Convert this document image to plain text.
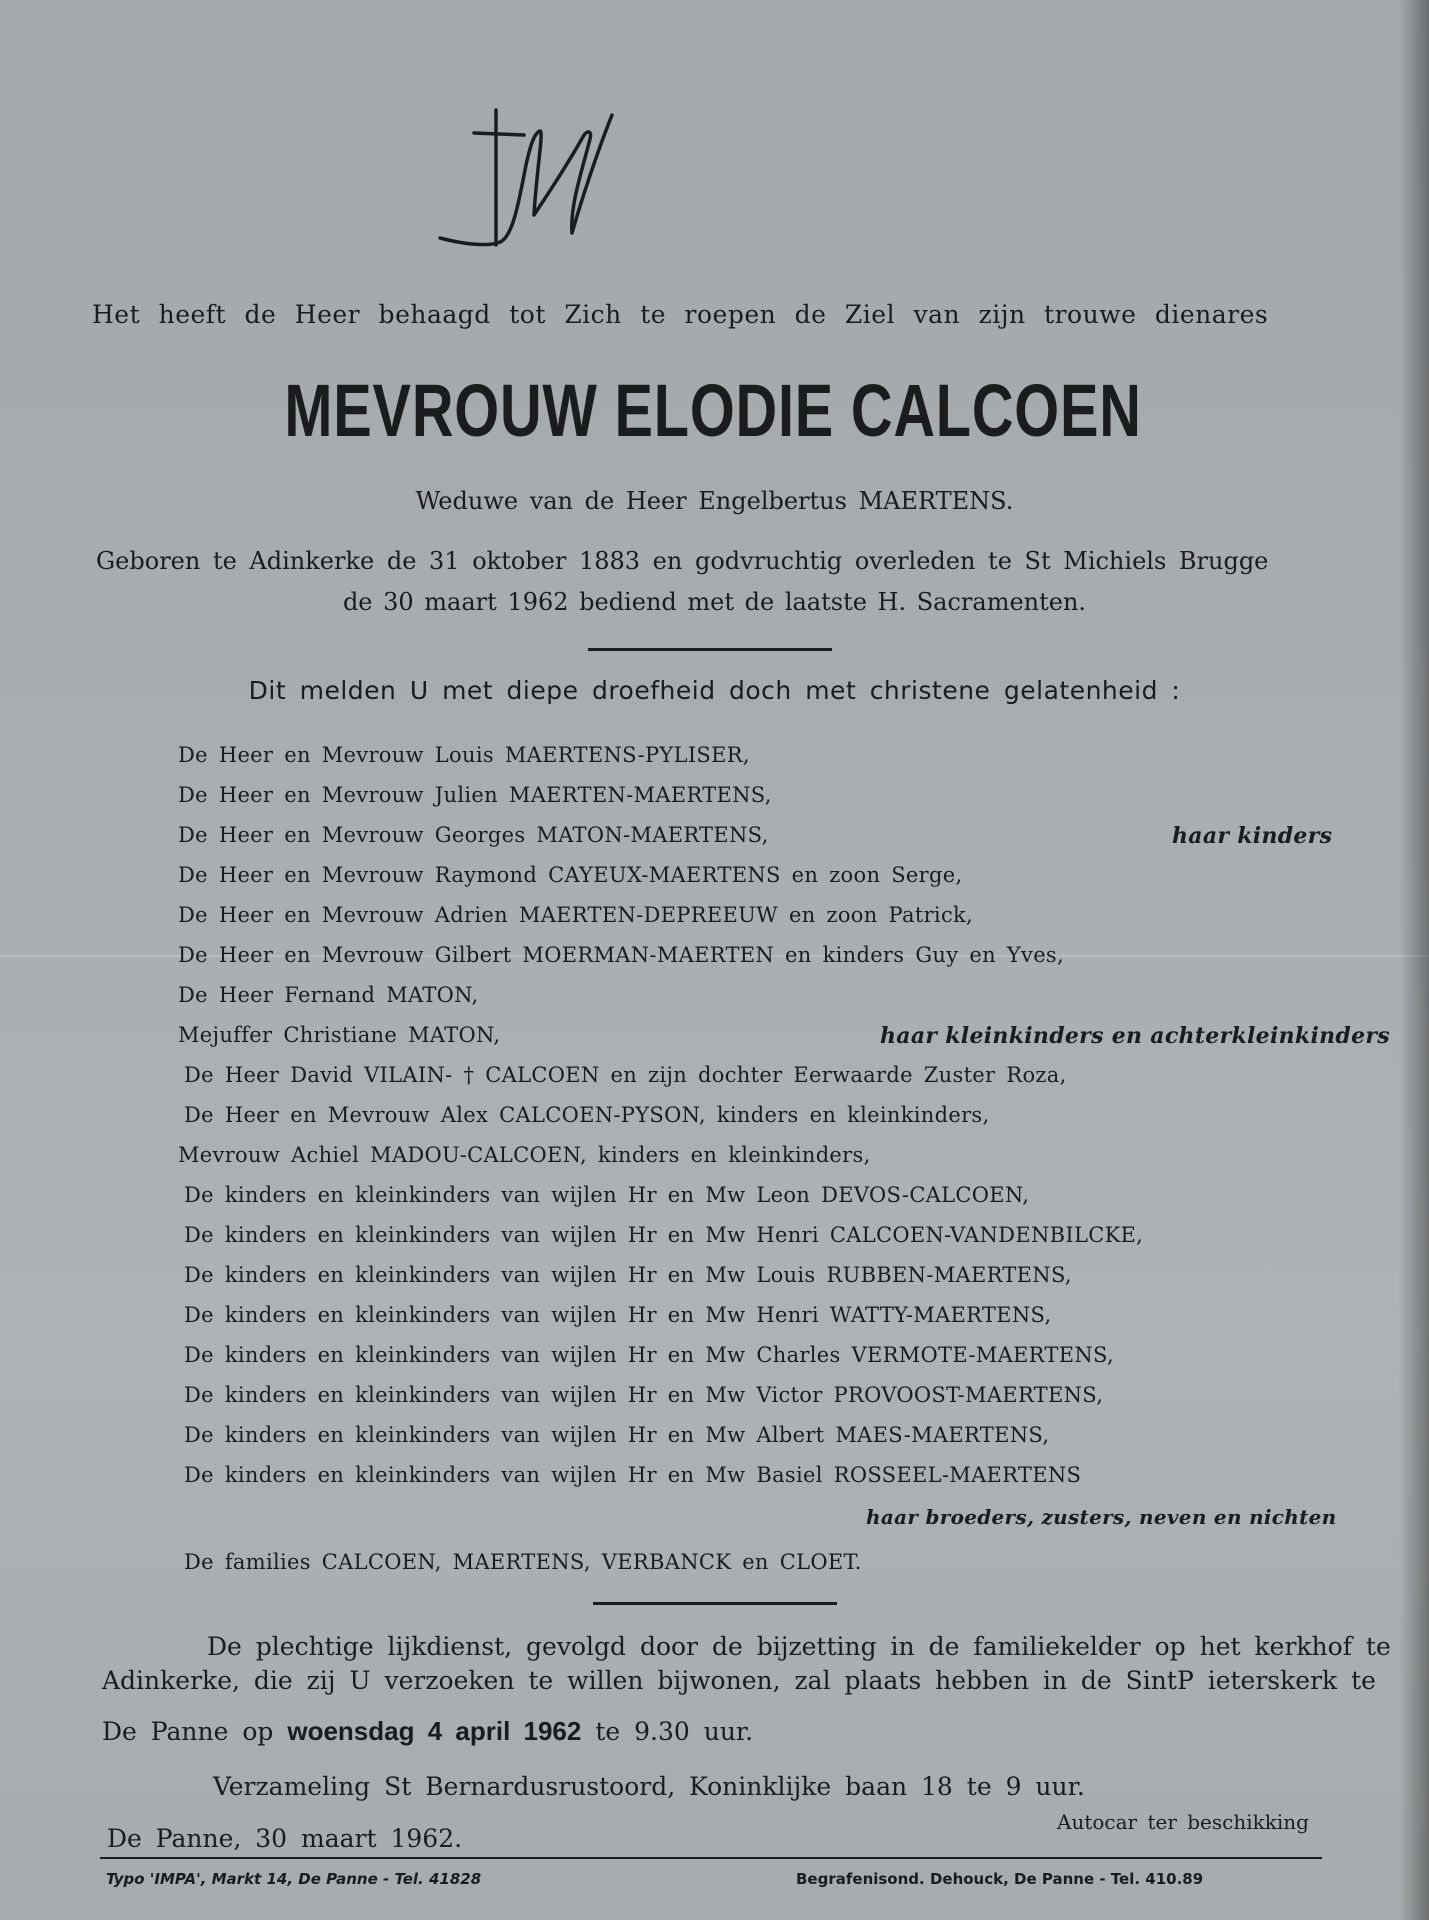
Het heeft de Heer behaagd tot Zich te roepen de Ziel van zijn trouwe dienares
MEVROUW ELODIE CALCOEN
Weduwe van de Heer Engelbertus MAERTENS.
Geboren te Adinkerke de 31 oktober 1883 en godvruchtig overleden te St Michiels Brugge
de 30 maart 1962 bediend met de laatste H. Sacramenten.
Dit melden U met diepe droefheid doch met christene gelatenheid :
De Heer en Mevrouw Louis MAERTENS-PYLISER,
De Heer en Mevrouw Julien MAERTEN-MAERTENS,
De Heer en Mevrouw Georges MATON-MAERTENS,
De Heer en Mevrouw Raymond CAYEUX-MAERTENS en zoon Serge,
De Heer en Mevrouw Adrien MAERTEN-DEPREEUW en zoon Patrick,
De Heer en Mevrouw Gilbert MOERMAN-MAERTEN en kinders Guy en Yves,
De Heer Fernand MATON,
Mejuffer Christiane MATON,
De Heer David VILAIN- † CALCOEN en zijn dochter Eerwaarde Zuster Roza,
De Heer en Mevrouw Alex CALCOEN-PYSON, kinders en kleinkinders,
Mevrouw Achiel MADOU-CALCOEN, kinders en kleinkinders,
De kinders en kleinkinders van wijlen Hr en Mw Leon DEVOS-CALCOEN,
De kinders en kleinkinders van wijlen Hr en Mw Henri CALCOEN-VANDENBILCKE,
De kinders en kleinkinders van wijlen Hr en Mw Louis RUBBEN-MAERTENS,
De kinders en kleinkinders van wijlen Hr en Mw Henri WATTY-MAERTENS,
De kinders en kleinkinders van wijlen Hr en Mw Charles VERMOTE-MAERTENS,
De kinders en kleinkinders van wijlen Hr en Mw Victor PROVOOST-MAERTENS,
De kinders en kleinkinders van wijlen Hr en Mw Albert MAES-MAERTENS,
De kinders en kleinkinders van wijlen Hr en Mw Basiel ROSSEEL-MAERTENS
De families CALCOEN, MAERTENS, VERBANCK en CLOET.
haar kinders
haar kleinkinders en achterkleinkinders
haar broeders, zusters, neven en nichten
De plechtige lijkdienst, gevolgd door de bijzetting in de familiekelder op het kerkhof te
Adinkerke, die zij U verzoeken te willen bijwonen, zal plaats hebben in de SintP ieterskerk te
De Panne op woensdag 4 april 1962 te 9.30 uur.
Verzameling St Bernardusrustoord, Koninklijke baan 18 te 9 uur.
Autocar ter beschikking
De Panne, 30 maart 1962.
Typo 'IMPA', Markt 14, De Panne - Tel. 41828	Begrafenisond. Dehouck, De Panne - Tel. 410.89
